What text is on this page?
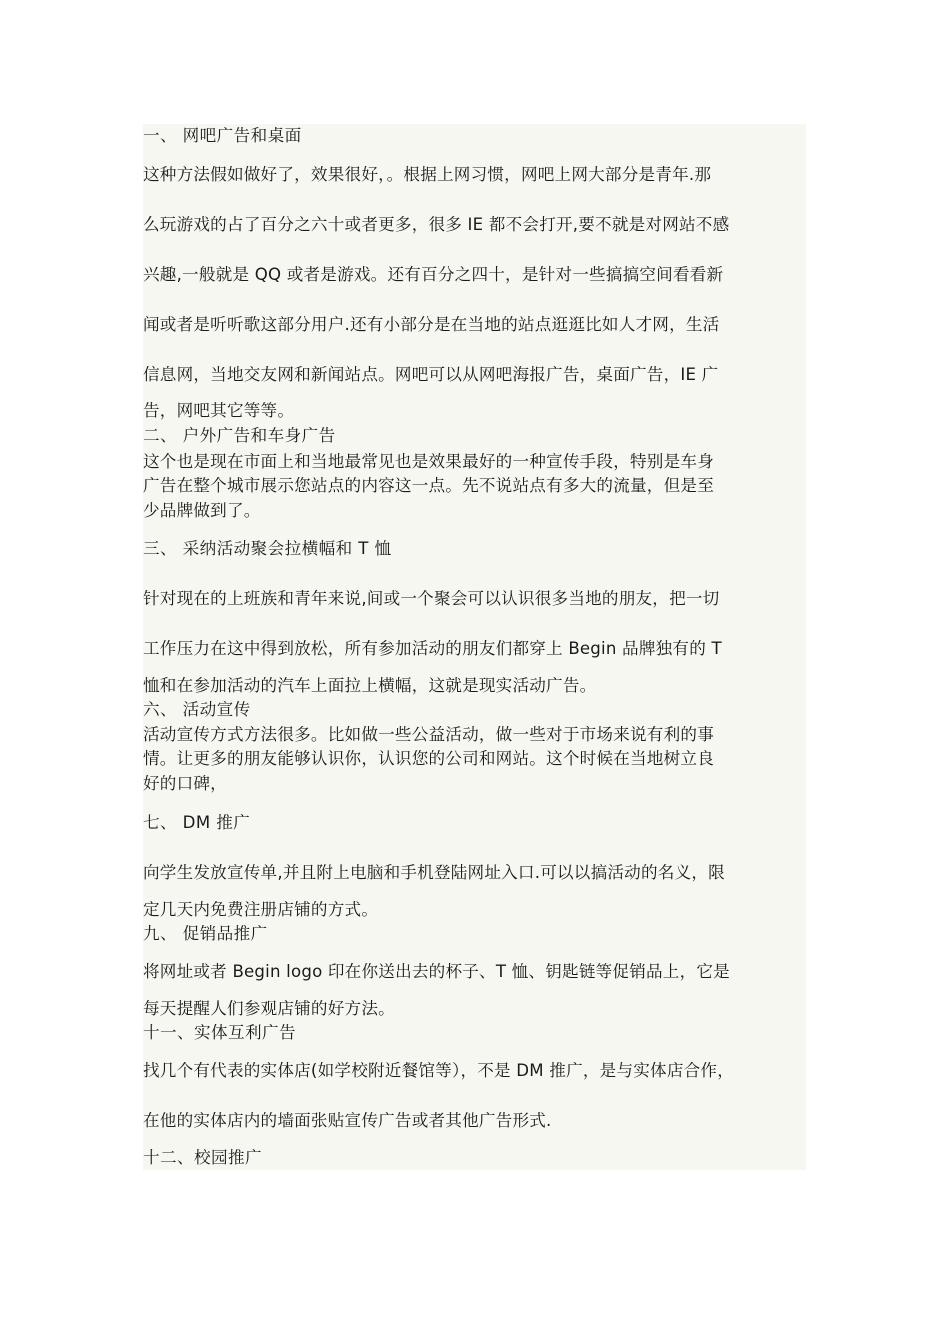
一、 网吧广告和桌面
这种方法假如做好了，效果很好，。根据上网习惯，网吧上网大部分是青年.那
么玩游戏的占了百分之六十或者更多，很多 IE 都不会打开,要不就是对网站不感
兴趣,一般就是 QQ 或者是游戏。还有百分之四十，是针对一些搞搞空间看看新
闻或者是听听歌这部分用户.还有小部分是在当地的站点逛逛比如人才网，生活
信息网，当地交友网和新闻站点。网吧可以从网吧海报广告，桌面广告，IE 广
告，网吧其它等等。
二、 户外广告和车身广告
这个也是现在市面上和当地最常见也是效果最好的一种宣传手段，特别是车身
广告在整个城市展示您站点的内容这一点。先不说站点有多大的流量，但是至
少品牌做到了。
三、 采纳活动聚会拉横幅和 T 恤
针对现在的上班族和青年来说,间或一个聚会可以认识很多当地的朋友，把一切
工作压力在这中得到放松，所有参加活动的朋友们都穿上 Begin 品牌独有的 T
恤和在参加活动的汽车上面拉上横幅，这就是现实活动广告。
六、 活动宣传
活动宣传方式方法很多。比如做一些公益活动，做一些对于市场来说有利的事
情。让更多的朋友能够认识你，认识您的公司和网站。这个时候在当地树立良
好的口碑，
七、 DM 推广
向学生发放宣传单,并且附上电脑和手机登陆网址入口.可以以搞活动的名义，限
定几天内免费注册店铺的方式。
九、 促销品推广
将网址或者 Begin logo 印在你送出去的杯子、T 恤、钥匙链等促销品上，它是
每天提醒人们参观店铺的好方法。
十一、实体互利广告
找几个有代表的实体店(如学校附近餐馆等），不是 DM 推广，是与实体店合作，
在他的实体店内的墙面张贴宣传广告或者其他广告形式.
十二、校园推广
